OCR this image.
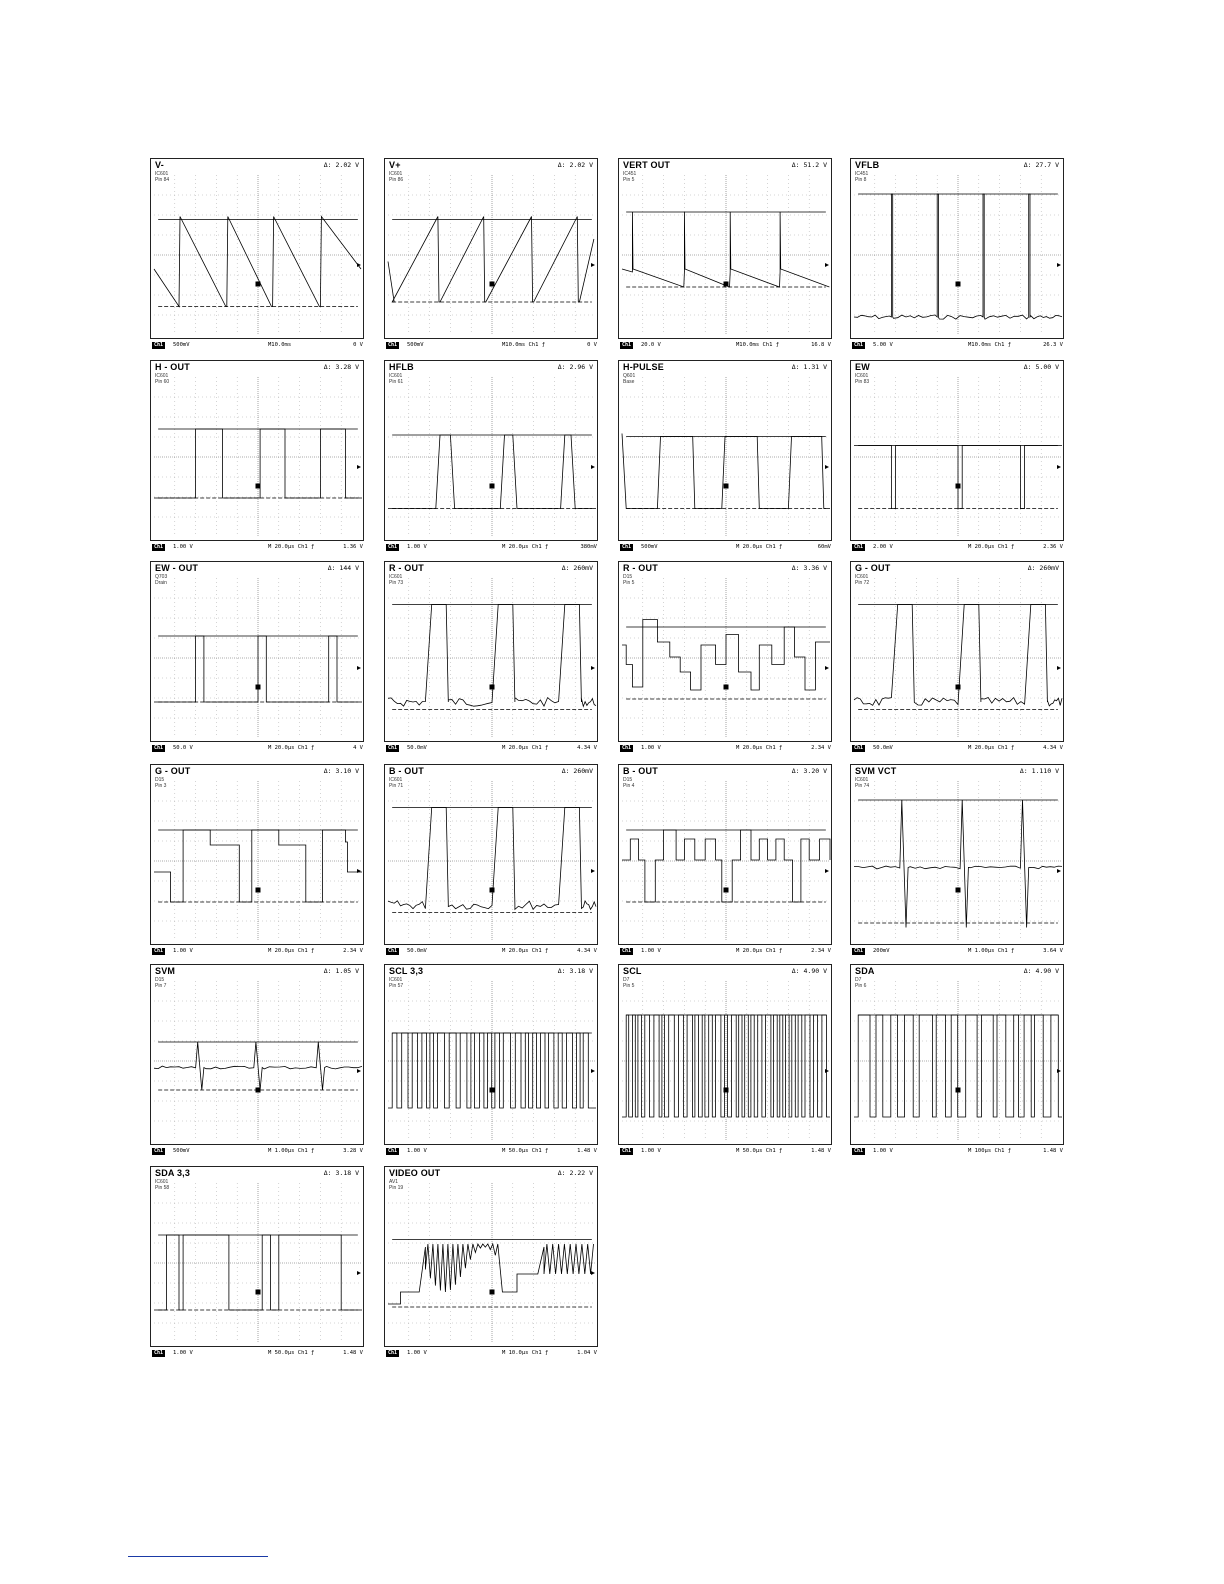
V-	Δ: 2.02 V
IC601
Pin 84
Ch1	500mV	M10.0ms	0 V
V+	Δ: 2.02 V
IC601
Pin 86
Ch1	500mV	M10.0ms Ch1 ƒ	0 V
VERT OUT	Δ: 51.2 V
IC451
Pin 5
Ch1	20.0 V	M10.0ms Ch1 ƒ	16.8 V
VFLB	Δ: 27.7 V
IC451
Pin 8
Ch1	5.00 V	M10.0ms Ch1 ƒ	26.3 V
H - OUT	Δ: 3.28 V
IC601
Pin 60
Ch1	1.00 V	M 20.0µs Ch1 ƒ	1.36 V
HFLB	Δ: 2.96 V
IC601
Pin 61
Ch1	1.00 V	M 20.0µs Ch1 ƒ	380mV
H-PULSE	Δ: 1.31 V
Q601
Base
Ch1	500mV	M 20.0µs Ch1 ƒ	60mV
EW	Δ: 5.00 V
IC601
Pin 83
Ch1	2.00 V	M 20.0µs Ch1 ƒ	2.36 V
EW - OUT	Δ: 144 V
Q703
Drain
Ch1	50.0 V	M 20.0µs Ch1 ƒ	4 V
R - OUT	Δ: 260mV
IC601
Pin 73
Ch1	50.0mV	M 20.0µs Ch1 ƒ	4.34 V
R - OUT	Δ: 3.36 V
D15
Pin 5
Ch1	1.00 V	M 20.0µs Ch1 ƒ	2.34 V
G - OUT	Δ: 260mV
IC601
Pin 72
Ch1	50.0mV	M 20.0µs Ch1 ƒ	4.34 V
G - OUT	Δ: 3.10 V
D15
Pin 3
Ch1	1.00 V	M 20.0µs Ch1 ƒ	2.34 V
B - OUT	Δ: 260mV
IC601
Pin 71
Ch1	50.0mV	M 20.0µs Ch1 ƒ	4.34 V
B - OUT	Δ: 3.20 V
D15
Pin 4
Ch1	1.00 V	M 20.0µs Ch1 ƒ	2.34 V
SVM VCT	Δ: 1.110 V
IC601
Pin 74
Ch1	200mV	M 1.00µs Ch1 ƒ	3.64 V
SVM	Δ: 1.05 V
D15
Pin 7
Ch1	500mV	M 1.00µs Ch1 ƒ	3.28 V
SCL 3,3	Δ: 3.18 V
IC601
Pin 57
Ch1	1.00 V	M 50.0µs Ch1 ƒ	1.48 V
SCL	Δ: 4.90 V
D7
Pin 5
Ch1	1.00 V	M 50.0µs Ch1 ƒ	1.48 V
SDA	Δ: 4.90 V
D7
Pin 6
Ch1	1.00 V	M 100µs Ch1 ƒ	1.48 V
SDA 3,3	Δ: 3.18 V
IC601
Pin 58
Ch1	1.00 V	M 50.0µs Ch1 ƒ	1.48 V
VIDEO OUT	Δ: 2.22 V
AV1
Pin 19
Ch1	1.00 V	M 10.0µs Ch1 ƒ	1.04 V
